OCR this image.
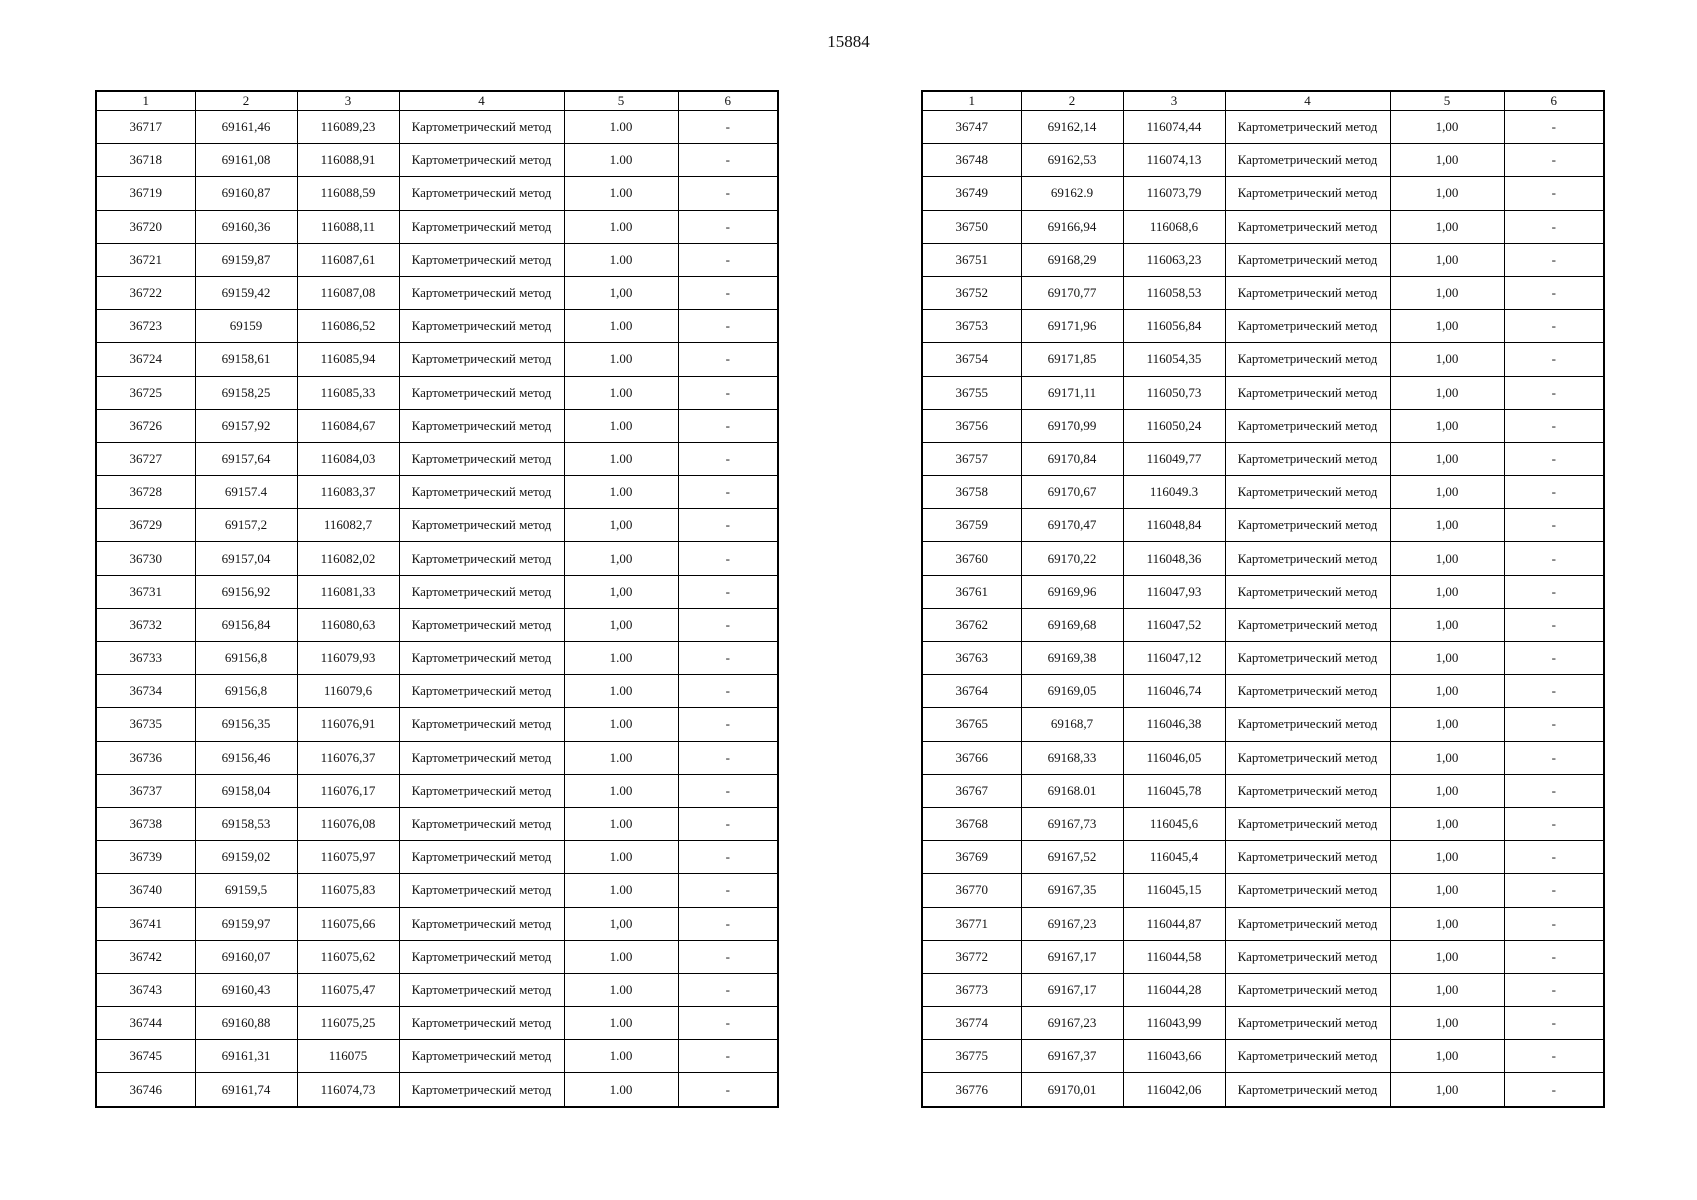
15884
1	2	3	4	5	6
36717	69161,46	116089,23	Картометрический метод	1.00	-
36718	69161,08	116088,91	Картометрический метод	1.00	-
36719	69160,87	116088,59	Картометрический метод	1.00	-
36720	69160,36	116088,11	Картометрический метод	1.00	-
36721	69159,87	116087,61	Картометрический метод	1.00	-
36722	69159,42	116087,08	Картометрический метод	1,00	-
36723	69159	116086,52	Картометрический метод	1.00	-
36724	69158,61	116085,94	Картометрический метод	1.00	-
36725	69158,25	116085,33	Картометрический метод	1.00	-
36726	69157,92	116084,67	Картометрический метод	1.00	-
36727	69157,64	116084,03	Картометрический метод	1.00	-
36728	69157.4	116083,37	Картометрический метод	1.00	-
36729	69157,2	116082,7	Картометрический метод	1,00	-
36730	69157,04	116082,02	Картометрический метод	1,00	-
36731	69156,92	116081,33	Картометрический метод	1,00	-
36732	69156,84	116080,63	Картометрический метод	1,00	-
36733	69156,8	116079,93	Картометрический метод	1.00	-
36734	69156,8	116079,6	Картометрический метод	1.00	-
36735	69156,35	116076,91	Картометрический метод	1.00	-
36736	69156,46	116076,37	Картометрический метод	1.00	-
36737	69158,04	116076,17	Картометрический метод	1.00	-
36738	69158,53	116076,08	Картометрический метод	1.00	-
36739	69159,02	116075,97	Картометрический метод	1.00	-
36740	69159,5	116075,83	Картометрический метод	1.00	-
36741	69159,97	116075,66	Картометрический метод	1,00	-
36742	69160,07	116075,62	Картометрический метод	1.00	-
36743	69160,43	116075,47	Картометрический метод	1.00	-
36744	69160,88	116075,25	Картометрический метод	1.00	-
36745	69161,31	116075	Картометрический метод	1.00	-
36746	69161,74	116074,73	Картометрический метод	1.00	-
1	2	3	4	5	6
36747	69162,14	116074,44	Картометрический метод	1,00	-
36748	69162,53	116074,13	Картометрический метод	1,00	-
36749	69162.9	116073,79	Картометрический метод	1,00	-
36750	69166,94	116068,6	Картометрический метод	1,00	-
36751	69168,29	116063,23	Картометрический метод	1,00	-
36752	69170,77	116058,53	Картометрический метод	1,00	-
36753	69171,96	116056,84	Картометрический метод	1,00	-
36754	69171,85	116054,35	Картометрический метод	1,00	-
36755	69171,11	116050,73	Картометрический метод	1,00	-
36756	69170,99	116050,24	Картометрический метод	1,00	-
36757	69170,84	116049,77	Картометрический метод	1,00	-
36758	69170,67	116049.3	Картометрический метод	1,00	-
36759	69170,47	116048,84	Картометрический метод	1,00	-
36760	69170,22	116048,36	Картометрический метод	1,00	-
36761	69169,96	116047,93	Картометрический метод	1,00	-
36762	69169,68	116047,52	Картометрический метод	1,00	-
36763	69169,38	116047,12	Картометрический метод	1,00	-
36764	69169,05	116046,74	Картометрический метод	1,00	-
36765	69168,7	116046,38	Картометрический метод	1,00	-
36766	69168,33	116046,05	Картометрический метод	1,00	-
36767	69168.01	116045,78	Картометрический метод	1,00	-
36768	69167,73	116045,6	Картометрический метод	1,00	-
36769	69167,52	116045,4	Картометрический метод	1,00	-
36770	69167,35	116045,15	Картометрический метод	1,00	-
36771	69167,23	116044,87	Картометрический метод	1,00	-
36772	69167,17	116044,58	Картометрический метод	1,00	-
36773	69167,17	116044,28	Картометрический метод	1,00	-
36774	69167,23	116043,99	Картометрический метод	1,00	-
36775	69167,37	116043,66	Картометрический метод	1,00	-
36776	69170,01	116042,06	Картометрический метод	1,00	-
